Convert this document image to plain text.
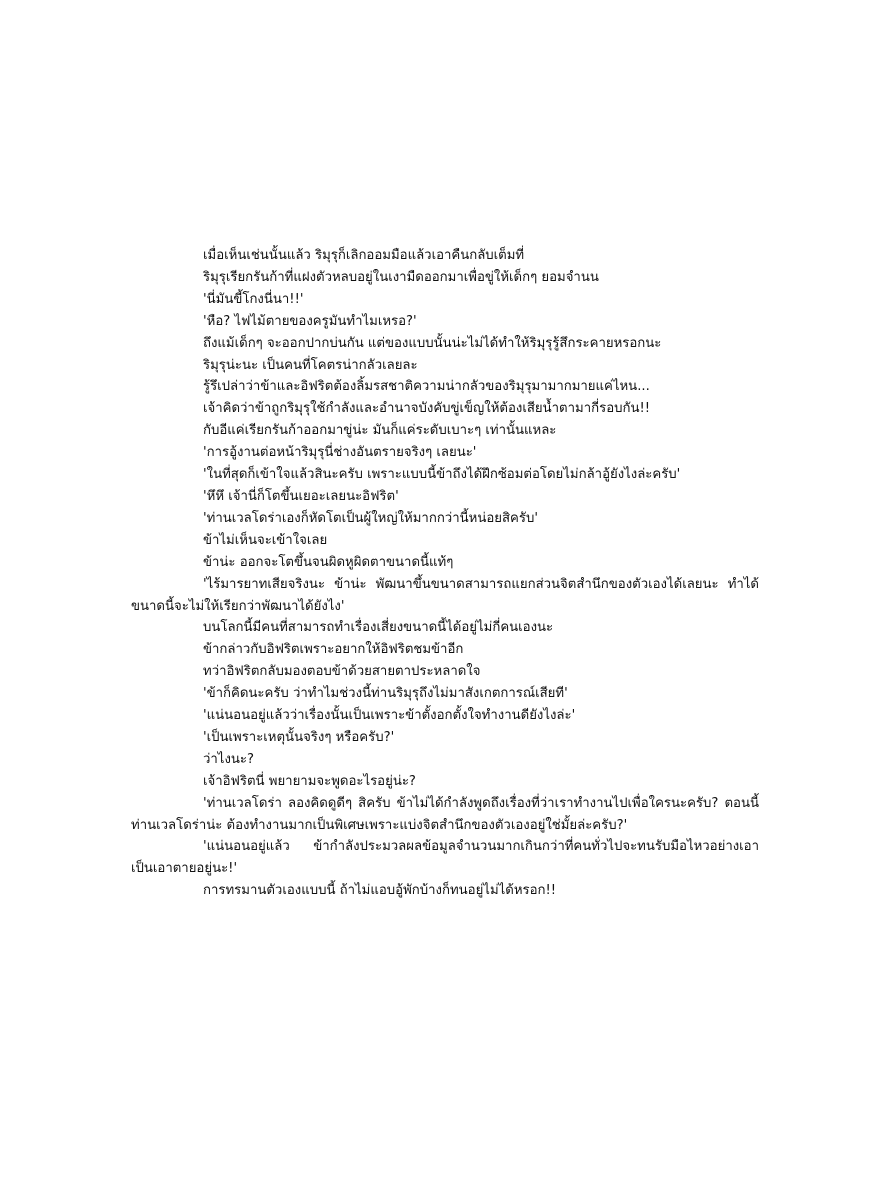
เมื่อเห็นเช่นนั้นแล้ว ริมุรุก็เลิกออมมือแล้วเอาคืนกลับเต็มที่

ริมุรุเรียกรันก้าที่แฝงตัวหลบอยู่ในเงามืดออกมาเพื่อขู่ให้เด็กๆ ยอมจำนน

'นี่มันขี้โกงนี่นา!!'

'หือ? ไฟไม้ตายของครูมันทำไมเหรอ?'

ถึงแม้เด็กๆ จะออกปากบ่นกัน แต่ของแบบนั้นน่ะไม่ได้ทำให้ริมุรุรู้สึกระคายหรอกนะ

ริมุรุน่ะนะ เป็นคนที่โคตรน่ากลัวเลยละ

รู้รึเปล่าว่าข้าและอิฟริตต้องลิ้มรสชาติความน่ากลัวของริมุรุมามากมายแค่ไหน...

เจ้าคิดว่าข้าถูกริมุรุใช้กำลังและอำนาจบังคับขู่เข็ญให้ต้องเสียน้ำตามากี่รอบกัน!!

กับอีแค่เรียกรันก้าออกมาขู่น่ะ มันก็แค่ระดับเบาะๆ เท่านั้นแหละ

'การอู้งานต่อหน้าริมุรุนี่ช่างอันตรายจริงๆ เลยนะ'

'ในที่สุดก็เข้าใจแล้วสินะครับ เพราะแบบนี้ข้าถึงได้ฝึกซ้อมต่อโดยไม่กล้าอู้ยังไงล่ะครับ'

'หึหึ เจ้านี่ก็โตขึ้นเยอะเลยนะอิฟริต'

'ท่านเวลโดร่าเองก็หัดโตเป็นผู้ใหญ่ให้มากกว่านี้หน่อยสิครับ'

ข้าไม่เห็นจะเข้าใจเลย

ข้าน่ะ ออกจะโตขึ้นจนผิดหูผิดตาขนาดนี้แท้ๆ

'ไร้มารยาทเสียจริงนะ ข้าน่ะ พัฒนาขึ้นขนาดสามารถแยกส่วนจิตสำนึกของตัวเองได้เลยนะ ทำได้ขนาดนี้จะไม่ให้เรียกว่าพัฒนาได้ยังไง'

บนโลกนี้มีคนที่สามารถทำเรื่องเสี่ยงขนาดนี้ได้อยู่ไม่กี่คนเองนะ

ข้ากล่าวกับอิฟริตเพราะอยากให้อิฟริตชมข้าอีก

ทว่าอิฟริตกลับมองตอบข้าด้วยสายตาประหลาดใจ

'ข้าก็คิดนะครับ ว่าทำไมช่วงนี้ท่านริมุรุถึงไม่มาสังเกตการณ์เสียที'

'แน่นอนอยู่แล้วว่าเรื่องนั้นเป็นเพราะข้าตั้งอกตั้งใจทำงานดียังไงล่ะ'

'เป็นเพราะเหตุนั้นจริงๆ หรือครับ?'

ว่าไงนะ?

เจ้าอิฟริตนี่ พยายามจะพูดอะไรอยู่น่ะ?

'ท่านเวลโดร่า ลองคิดดูดีๆ สิครับ ข้าไม่ได้กำลังพูดถึงเรื่องที่ว่าเราทำงานไปเพื่อใครนะครับ? ตอนนี้ท่านเวลโดร่าน่ะ ต้องทำงานมากเป็นพิเศษเพราะแบ่งจิตสำนึกของตัวเองอยู่ใช่มั้ยล่ะครับ?'

'แน่นอนอยู่แล้ว ข้ากำลังประมวลผลข้อมูลจำนวนมากเกินกว่าที่คนทั่วไปจะทนรับมือไหวอย่างเอาเป็นเอาตายอยู่นะ!'

การทรมานตัวเองแบบนี้ ถ้าไม่แอบอู้พักบ้างก็ทนอยู่ไม่ได้หรอก!!
